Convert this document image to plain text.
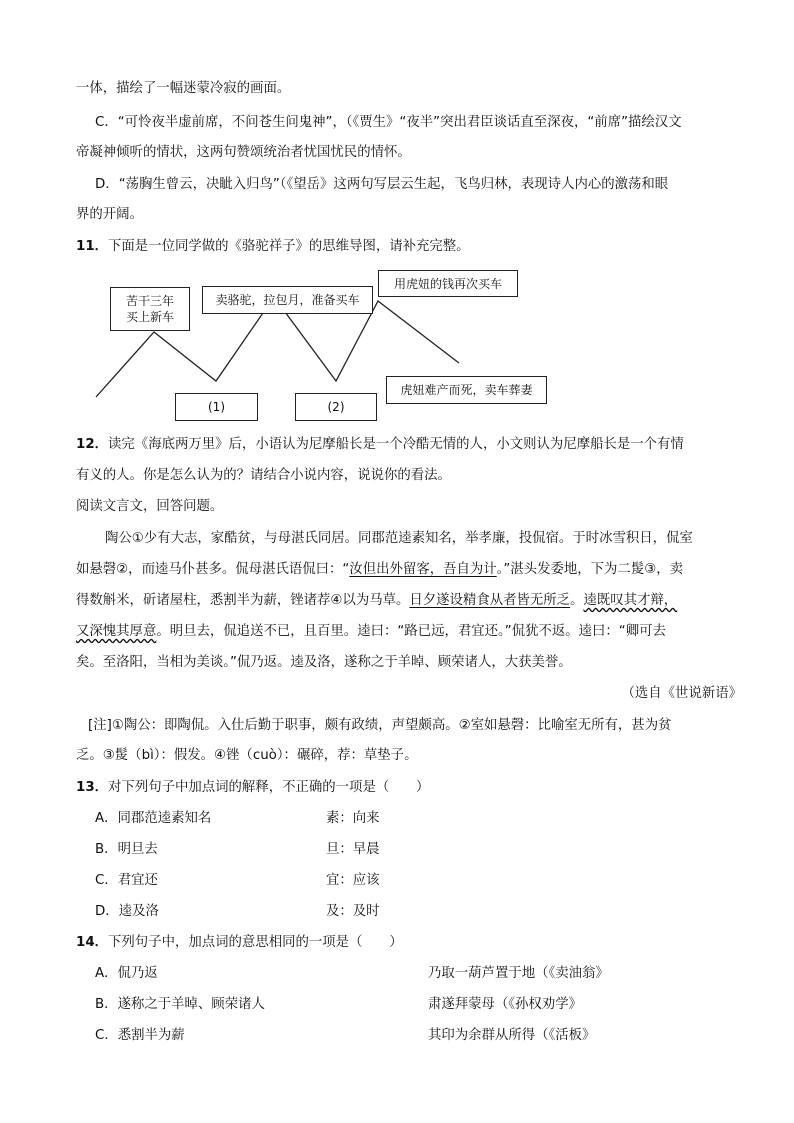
一体，描绘了一幅迷蒙冷寂的画面。
C．“可怜夜半虚前席，不问苍生问鬼神”，（《贾生》“夜半”突出君臣谈话直至深夜，“前席”描绘汉文
帝凝神倾听的情状，这两句赞颂统治者忧国忧民的情怀。
D．“荡胸生曾云，决眦入归鸟”（《望岳》这两句写层云生起，飞鸟归林，表现诗人内心的激荡和眼
界的开阔。
11．下面是一位同学做的《骆驼祥子》的思维导图，请补充完整。
苦干三年买上新车
卖骆驼，拉包月，准备买车
用虎妞的钱再次买车
虎妞难产而死，卖车葬妻
(1)	(2)
12．读完《海底两万里》后，小语认为尼摩船长是一个冷酷无情的人，小文则认为尼摩船长是一个有情
有义的人。你是怎么认为的？请结合小说内容，说说你的看法。
阅读文言文，回答问题。
陶公①少有大志，家酷贫，与母湛氏同居。同郡范逵素知名，举孝廉，投侃宿。于时冰雪积日，侃室
如悬磬②，而逵马仆甚多。侃母湛氏语侃曰：“汝但出外留客，吾自为计。”湛头发委地，下为二髲③，卖
得数斛米，斫诸屋柱，悉割半为薪，锉诸荐④以为马草。日夕遂设精食从者皆无所乏。逵既叹其才辩，
又深愧其厚意。明旦去，侃追送不已，且百里。逵曰：“路已远，君宜还。”侃犹不返。逵曰：“卿可去
矣。至洛阳，当相为美谈。”侃乃返。逵及洛，遂称之于羊晫、顾荣诸人，大获美誉。
（选自《世说新语》
[注]①陶公：即陶侃。入仕后勤于职事，颇有政绩，声望颇高。②室如悬磬：比喻室无所有，甚为贫
乏。③髲（bì）：假发。④锉（cuò）：碾碎，荐：草垫子。
13．对下列句子中加点词的解释，不正确的一项是（　　）
A．同郡范逵素知名	素：向来
B．明旦去	旦：早晨
C．君宜还	宜：应该
D．逵及洛	及：及时
14．下列句子中，加点词的意思相同的一项是（　　）
A．侃乃返	乃取一葫芦置于地（《卖油翁》
B．遂称之于羊晫、顾荣诸人	肃遂拜蒙母（《孙权劝学》
C．悉割半为薪	其印为余群从所得（《活板》
